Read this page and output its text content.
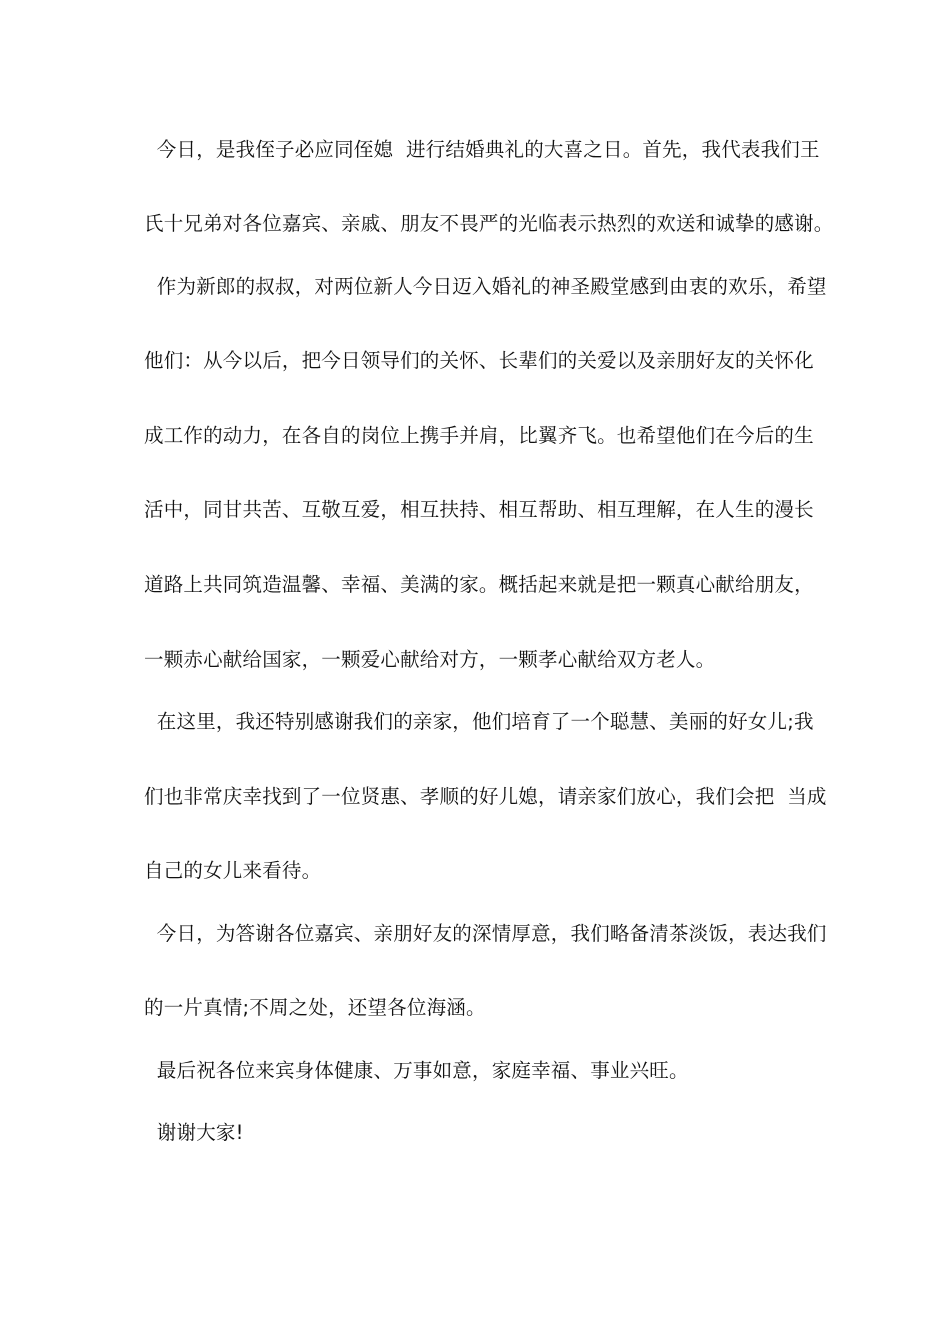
今日，是我侄子必应同侄媳  进行结婚典礼的大喜之日。首先，我代表我们王
氏十兄弟对各位嘉宾、亲戚、朋友不畏严的光临表示热烈的欢送和诚挚的感谢。
作为新郎的叔叔，对两位新人今日迈入婚礼的神圣殿堂感到由衷的欢乐，希望
他们：从今以后，把今日领导们的关怀、长辈们的关爱以及亲朋好友的关怀化
成工作的动力，在各自的岗位上携手并肩，比翼齐飞。也希望他们在今后的生
活中，同甘共苦、互敬互爱，相互扶持、相互帮助、相互理解，在人生的漫长
道路上共同筑造温馨、幸福、美满的家。概括起来就是把一颗真心献给朋友，
一颗赤心献给国家，一颗爱心献给对方，一颗孝心献给双方老人。
在这里，我还特别感谢我们的亲家，他们培育了一个聪慧、美丽的好女儿;我
们也非常庆幸找到了一位贤惠、孝顺的好儿媳，请亲家们放心，我们会把  当成
自己的女儿来看待。
今日，为答谢各位嘉宾、亲朋好友的深情厚意，我们略备清茶淡饭，表达我们
的一片真情;不周之处，还望各位海涵。
最后祝各位来宾身体健康、万事如意，家庭幸福、事业兴旺。
谢谢大家!
